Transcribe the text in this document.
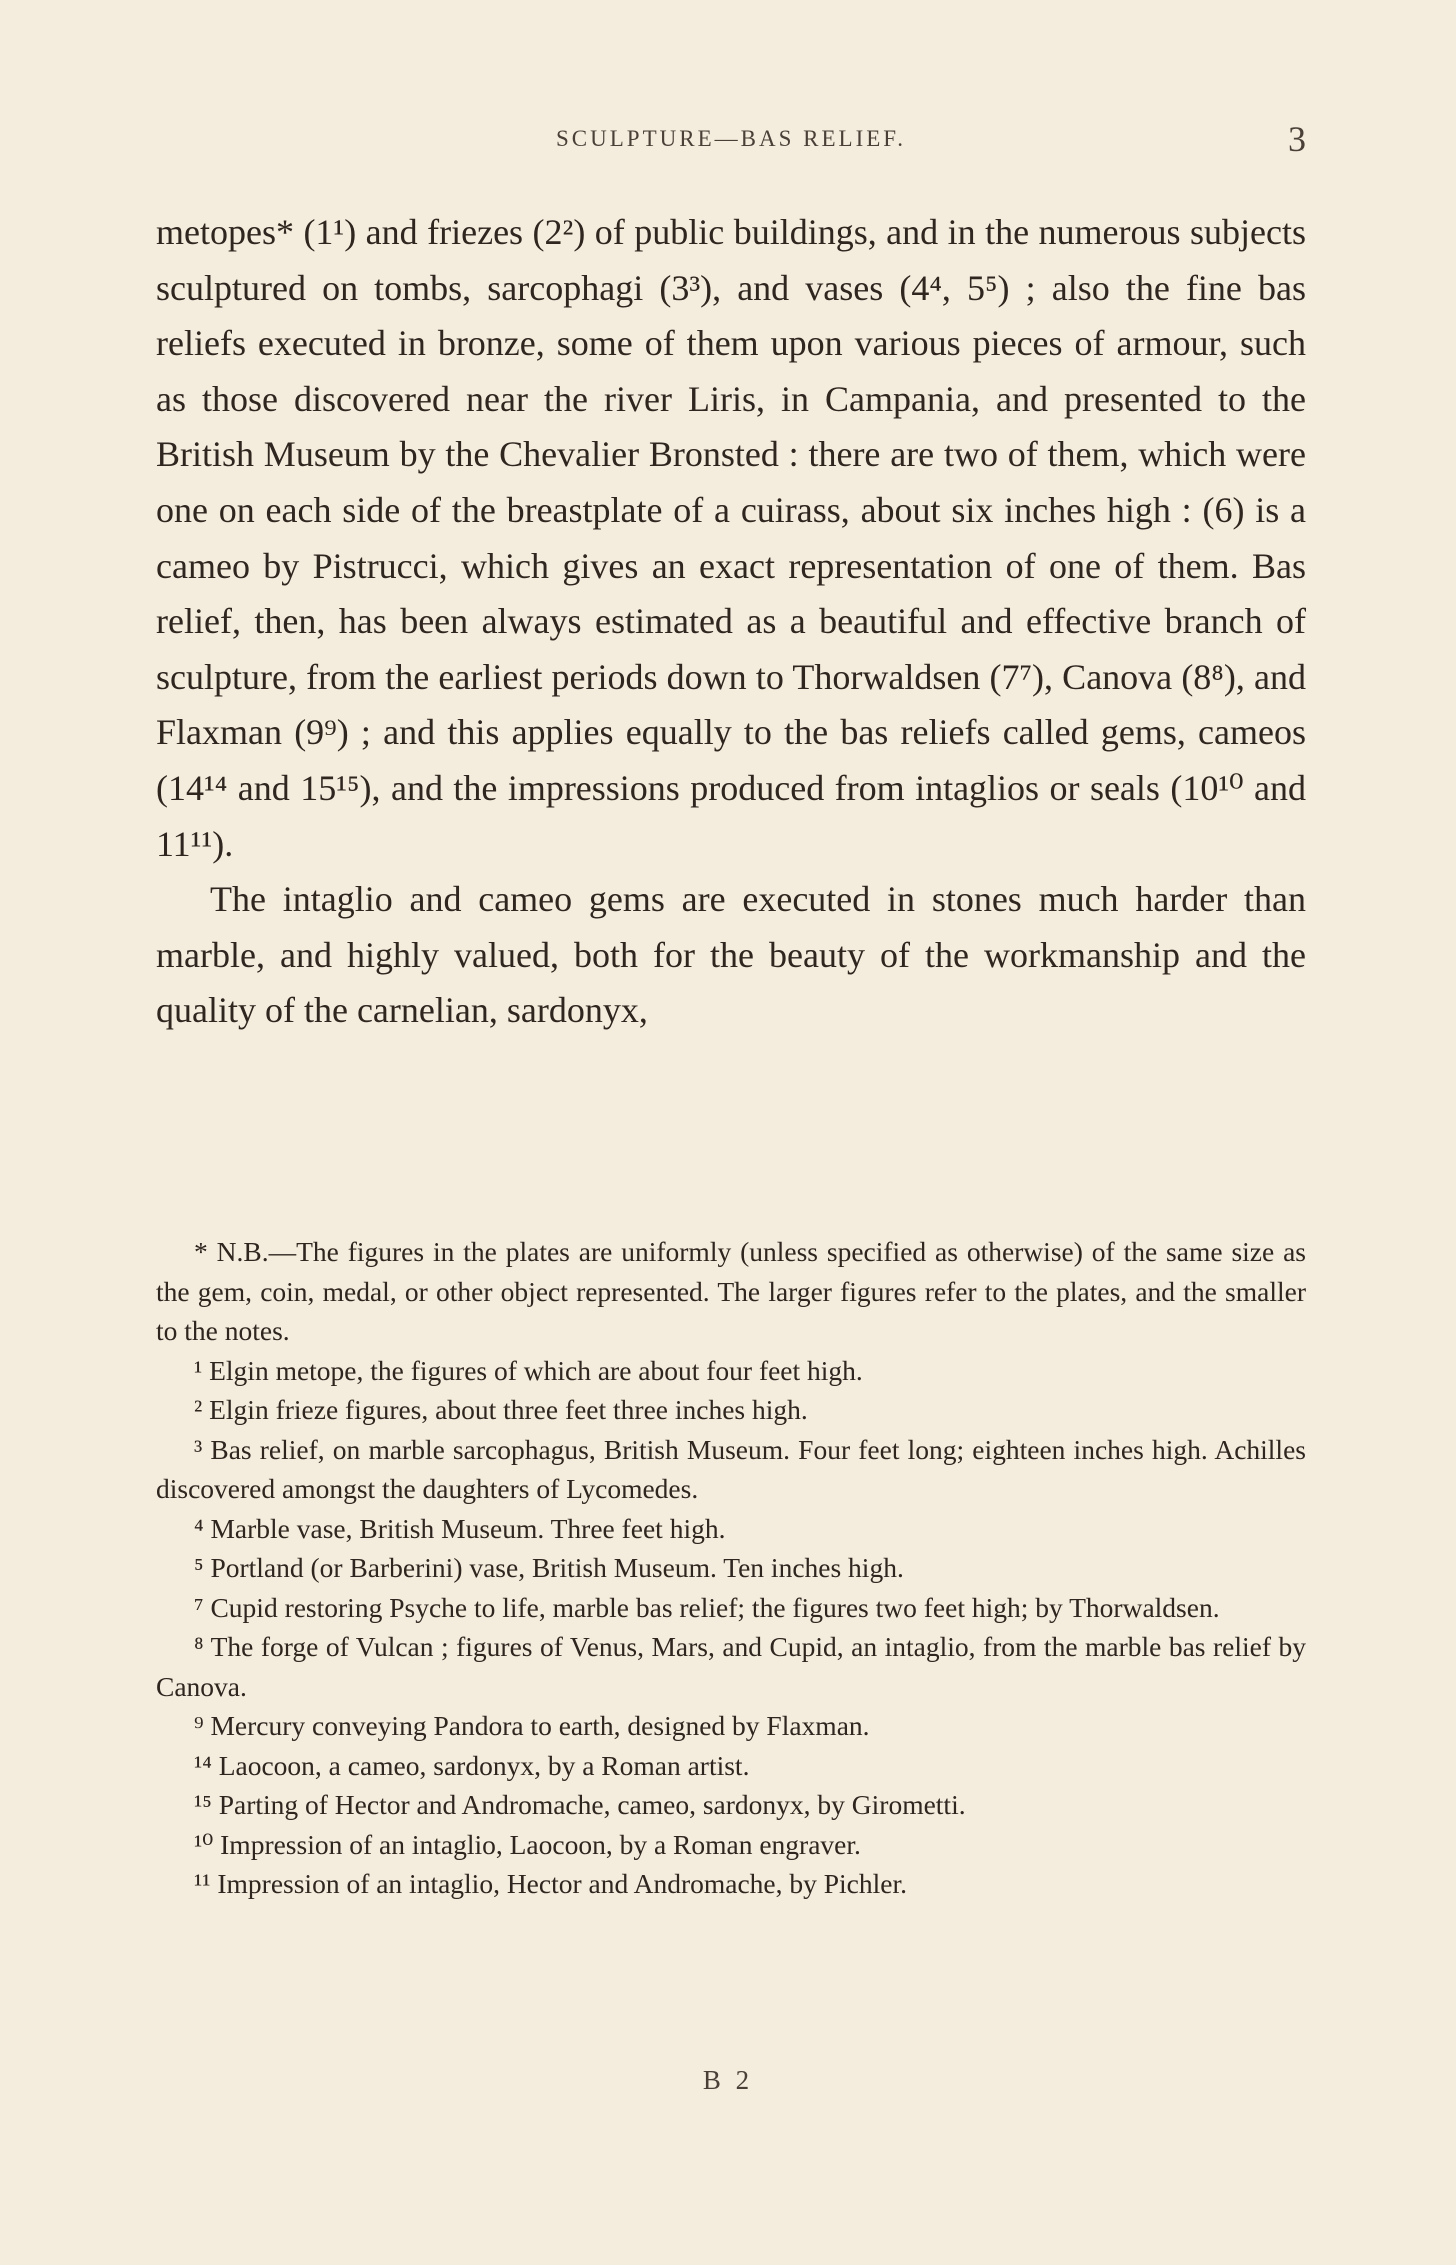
SCULPTURE—BAS RELIEF.	3

metopes* (1¹) and friezes (2²) of public buildings, and in the numerous subjects sculptured on tombs, sarcophagi (3³), and vases (4⁴, 5⁵) ; also the fine bas reliefs executed in bronze, some of them upon various pieces of armour, such as those discovered near the river Liris, in Campania, and presented to the British Museum by the Chevalier Bronsted : there are two of them, which were one on each side of the breastplate of a cuirass, about six inches high : (6) is a cameo by Pistrucci, which gives an exact representation of one of them. Bas relief, then, has been always estimated as a beautiful and effective branch of sculpture, from the earliest periods down to Thorwaldsen (7⁷), Canova (8⁸), and Flaxman (9⁹) ; and this applies equally to the bas reliefs called gems, cameos (14¹⁴ and 15¹⁵), and the impressions produced from intaglios or seals (10¹⁰ and 11¹¹).

The intaglio and cameo gems are executed in stones much harder than marble, and highly valued, both for the beauty of the workmanship and the quality of the carnelian, sardonyx,

* N.B.—The figures in the plates are uniformly (unless specified as otherwise) of the same size as the gem, coin, medal, or other object represented. The larger figures refer to the plates, and the smaller to the notes.

¹ Elgin metope, the figures of which are about four feet high.

² Elgin frieze figures, about three feet three inches high.

³ Bas relief, on marble sarcophagus, British Museum. Four feet long; eighteen inches high. Achilles discovered amongst the daughters of Lycomedes.

⁴ Marble vase, British Museum. Three feet high.

⁵ Portland (or Barberini) vase, British Museum. Ten inches high.

⁷ Cupid restoring Psyche to life, marble bas relief; the figures two feet high; by Thorwaldsen.

⁸ The forge of Vulcan ; figures of Venus, Mars, and Cupid, an intaglio, from the marble bas relief by Canova.

⁹ Mercury conveying Pandora to earth, designed by Flaxman.

¹⁴ Laocoon, a cameo, sardonyx, by a Roman artist.

¹⁵ Parting of Hector and Andromache, cameo, sardonyx, by Girometti.

¹⁰ Impression of an intaglio, Laocoon, by a Roman engraver.

¹¹ Impression of an intaglio, Hector and Andromache, by Pichler.

B 2
